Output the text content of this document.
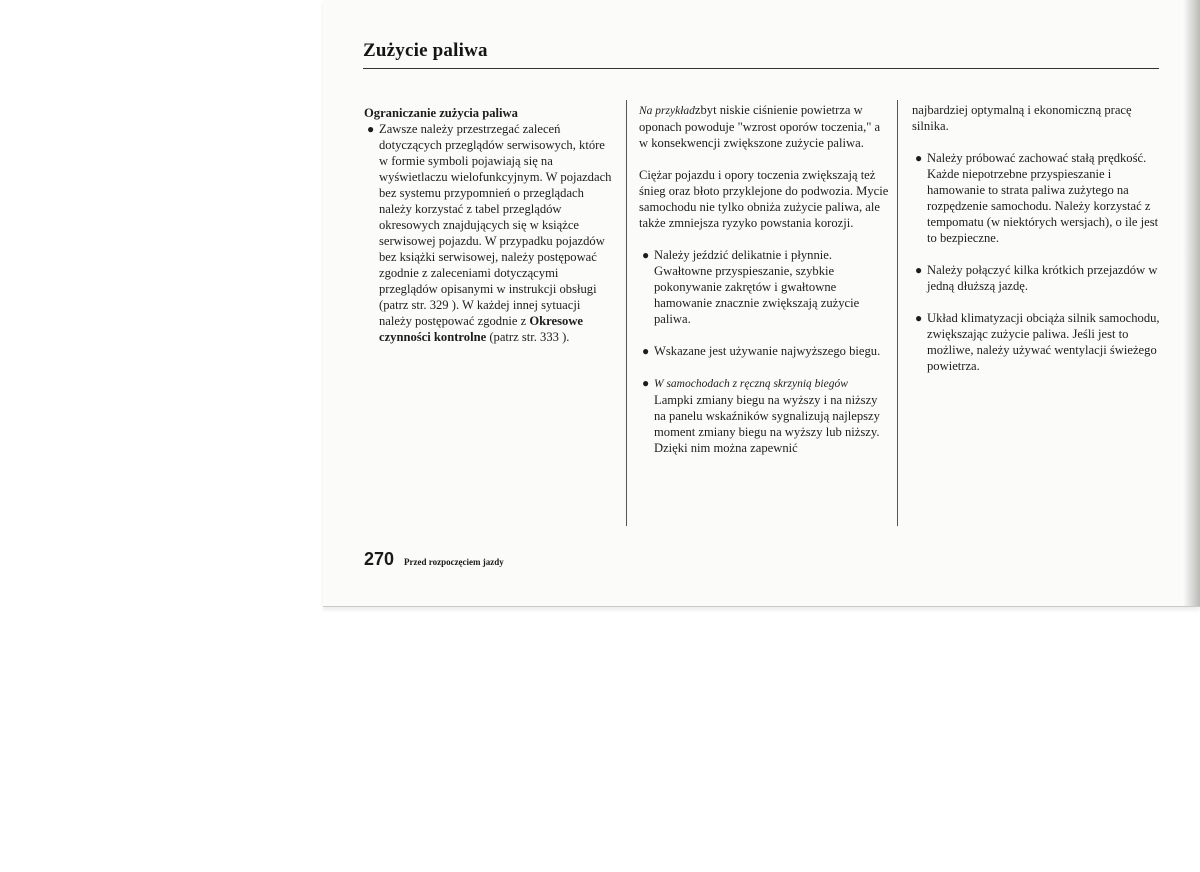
Zużycie paliwa

Ograniczanie zużycia paliwa

● Zawsze należy przestrzegać zaleceń dotyczących przeglądów serwisowych, które w formie symboli pojawiają się na wyświetlaczu wielofunkcyjnym. W pojazdach bez systemu przypomnień o przeglądach należy korzystać z tabel przeglądów okresowych znajdujących się w książce serwisowej pojazdu. W przypadku pojazdów bez książki serwisowej, należy postępować zgodnie z zaleceniami dotyczącymi przeglądów opisanymi w instrukcji obsługi (patrz str. 329 ). W każdej innej sytuacji należy postępować zgodnie z Okresowe czynności kontrolne (patrz str. 333 ).

Na przykładzbyt niskie ciśnienie powietrza w oponach powoduje "wzrost oporów toczenia," a w konsekwencji zwiększone zużycie paliwa.

Ciężar pojazdu i opory toczenia zwiększają też śnieg oraz błoto przyklejone do podwozia. Mycie samochodu nie tylko obniża zużycie paliwa, ale także zmniejsza ryzyko powstania korozji.

● Należy jeździć delikatnie i płynnie. Gwałtowne przyspieszanie, szybkie pokonywanie zakrętów i gwałtowne hamowanie znacznie zwiększają zużycie paliwa.
● Wskazane jest używanie najwyższego biegu.
● W samochodach z ręczną skrzynią biegów
Lampki zmiany biegu na wyższy i na niższy na panelu wskaźników sygnalizują najlepszy moment zmiany biegu na wyższy lub niższy. Dzięki nim można zapewnić

najbardziej optymalną i ekonomiczną pracę silnika.

● Należy próbować zachować stałą prędkość. Każde niepotrzebne przyspieszanie i hamowanie to strata paliwa zużytego na rozpędzenie samochodu. Należy korzystać z tempomatu (w niektórych wersjach), o ile jest to bezpieczne.
● Należy połączyć kilka krótkich przejazdów w jedną dłuższą jazdę.
● Układ klimatyzacji obciąża silnik samochodu, zwiększając zużycie paliwa. Jeśli jest to możliwe, należy używać wentylacji świeżego powietrza.
270 Przed rozpoczęciem jazdy
